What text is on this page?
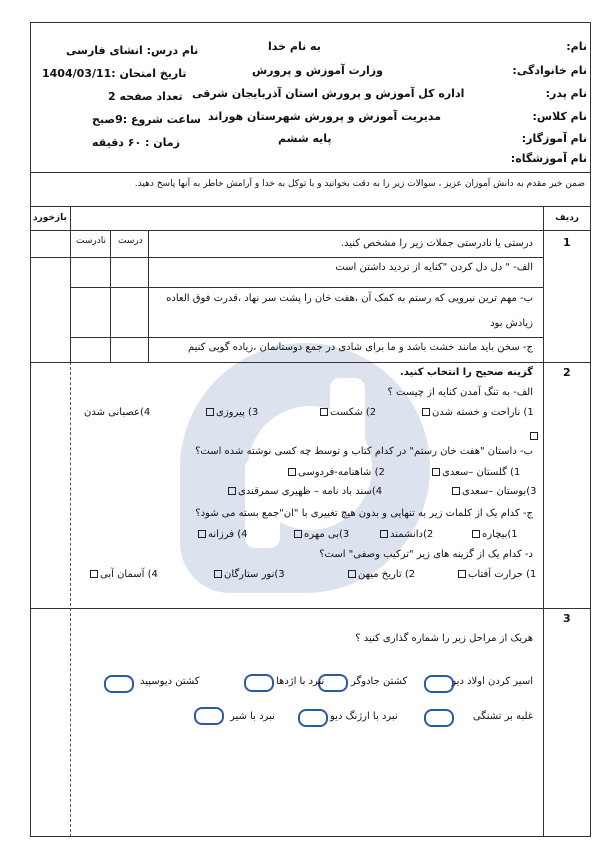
نام:
نام خانوادگی:
نام پدر:
نام کلاس:
نام آموزگار:
نام آموزشگاه:
به نام خدا
وزارت آموزش و پرورش
اداره کل آموزش و پرورش استان آذربایجان شرقی
مدیریت آموزش و پرورش شهرستان هوراند
پایه ششم
نام درس: انشای فارسی
تاریخ امتحان :1404/03/11
تعداد صفحه 2
ساعت شروع :9صبح
زمان : ۶۰ دقیقه
ضمن خیر مقدم به دانش آموزان عزیز ، سوالات زیر را به دقت بخوانید و با توکل به خدا و آرامش خاطر به آنها پاسخ دهید.
ردیف
بازخورد
1
درستی یا نادرستی جملات زیر را مشخص کنید.
درست
نادرست
الف- " دل دل کردن "کنایه از تردید داشتن است
ب- مهم ترین نیرویی که رستم به کمک آن ،هفت خان را پشت سر نهاد ،قدرت فوق العاده
زیادش بود
ج- سخن باید مانند خشت باشد و ما برای شادی در جمع دوستانمان ،زیاده گویی کنیم
2
گزینه صحیح را انتخاب کنید.
الف- به تنگ آمدن کنایه از چیست ؟
1) ناراحت و خسته شدن
2) شکست
3) پیروزی
4)عصبانی شدن
ب- داستان "هفت خان رستم" در کدام کتاب و توسط چه کسی نوشته شده است؟
1) گلستان –سعدی
2) شاهنامه-فردوسی
3)بوستان –سعدی
4)سند باد نامه – ظهیری سمرقندی
ج- کدام یک از کلمات زیر به تنهایی و بدون هیچ تغییری با "ان"جمع بسته می شود؟
1)بیچاره
2)دانشمند
3)بی مهره
4) فرزانه
د- کدام یک از گزینه های زیر "ترکیب وصفی" است؟
1) حرارت آفتاب
2) تاریخ میهن
3)نور ستارگان
4) آسمان آبی
3
هریک از مراحل زیر را شماره گذاری کنید ؟
اسیر کردن اولاد دیو
کشتن جادوگر
نبرد با اژدها
کشتن دیوسپید
غلبه بر تشنگی
نبرد با ارژنگ دیو
نبرد با شیر
